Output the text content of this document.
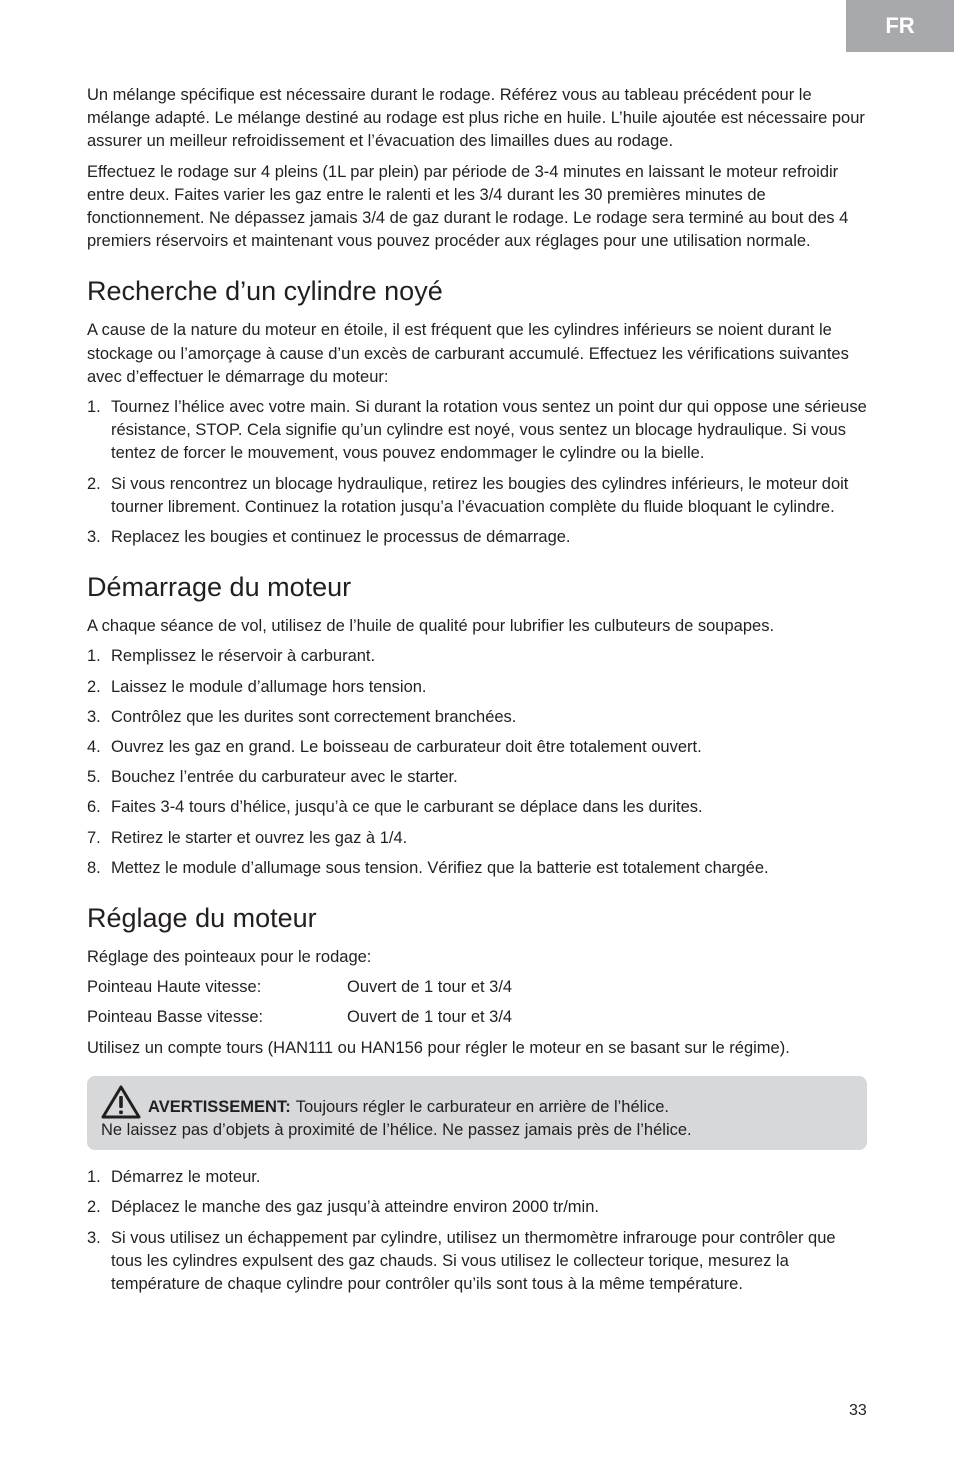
FR

Un mélange spécifique est nécessaire durant le rodage. Référez vous au tableau précédent pour le mélange adapté. Le mélange destiné au rodage est plus riche en huile. L’huile ajoutée est nécessaire pour assurer un meilleur refroidissement et l’évacuation des limailles dues au rodage.

Effectuez le rodage sur 4 pleins (1L par plein) par période de 3-4 minutes en laissant le moteur refroidir entre deux. Faites varier les gaz entre le ralenti et les 3/4 durant les 30 premières minutes de fonctionnement. Ne dépassez jamais 3/4 de gaz durant le rodage. Le rodage sera terminé au bout des 4 premiers réservoirs et maintenant vous pouvez procéder aux réglages pour une utilisation normale.

Recherche d’un cylindre noyé

A cause de la nature du moteur en étoile, il est fréquent que les cylindres inférieurs se noient durant le stockage ou l’amorçage à cause d’un excès de carburant accumulé. Effectuez les vérifications suivantes avec d’effectuer le démarrage du moteur:

1. Tournez l’hélice avec votre main. Si durant la rotation vous sentez un point dur qui oppose une sérieuse résistance, STOP. Cela signifie qu’un cylindre est noyé, vous sentez un blocage hydraulique. Si vous tentez de forcer le mouvement, vous pouvez endommager le cylindre ou la bielle.
2. Si vous rencontrez un blocage hydraulique, retirez les bougies des cylindres inférieurs, le moteur doit tourner librement. Continuez la rotation jusqu’a l’évacuation complète du fluide bloquant le cylindre.
3. Replacez les bougies et continuez le processus de démarrage.
Démarrage du moteur

A chaque séance de vol, utilisez de l’huile de qualité pour lubrifier les culbuteurs de soupapes.

1. Remplissez le réservoir à carburant.
2. Laissez le module d’allumage hors tension.
3. Contrôlez que les durites sont correctement branchées.
4. Ouvrez les gaz en grand. Le boisseau de carburateur doit être totalement ouvert.
5. Bouchez l’entrée du carburateur avec le starter.
6. Faites 3-4 tours d’hélice, jusqu’à ce que le carburant se déplace dans les durites.
7. Retirez le starter et ouvrez les gaz à 1/4.
8. Mettez le module d’allumage sous tension. Vérifiez que la batterie est totalement chargée.
Réglage du moteur

Réglage des pointeaux pour le rodage:

Pointeau Haute vitesse:	Ouvert de 1 tour et 3/4
Pointeau Basse vitesse:	Ouvert de 1 tour et 3/4

Utilisez un compte tours (HAN111 ou HAN156 pour régler le moteur en se basant sur le régime).

AVERTISSEMENT: Toujours régler le carburateur en arrière de l’hélice.
Ne laissez pas d’objets à proximité de l’hélice. Ne passez jamais près de l’hélice.
1. Démarrez le moteur.
2. Déplacez le manche des gaz jusqu’à atteindre environ 2000 tr/min.
3. Si vous utilisez un échappement par cylindre, utilisez un thermomètre infrarouge pour contrôler que tous les cylindres expulsent des gaz chauds. Si vous utilisez le collecteur torique, mesurez la température de chaque cylindre pour contrôler qu’ils sont tous à la même température.
33
